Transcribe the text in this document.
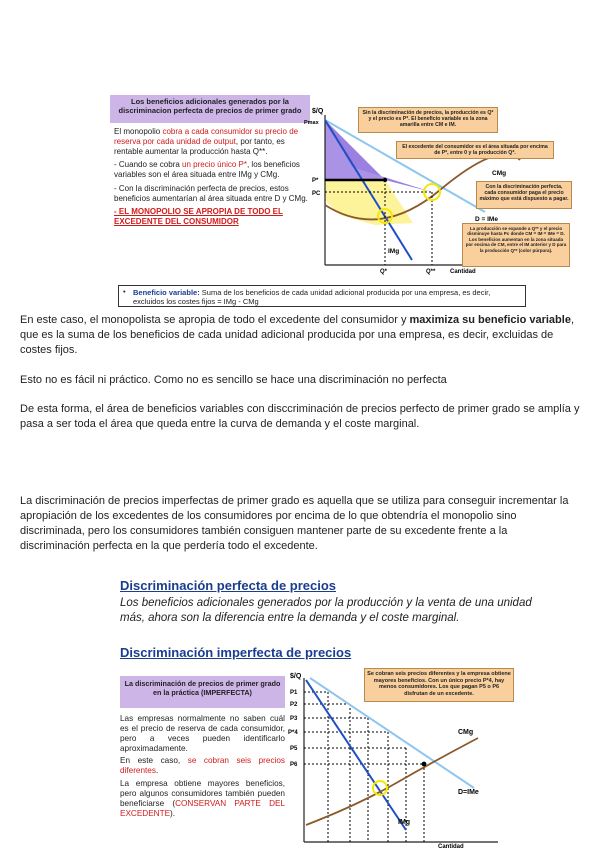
Los beneficios adicionales generados por la discriminacion perfecta de precios de primer grado
El monopolio cobra a cada consumidor su precio de reserva por cada unidad de output, por tanto, es rentable aumentar la producción hasta Q**.
- Cuando se cobra un precio único P*, los beneficios variables son el área situada entre IMg y CMg.
- Con la discriminación perfecta de precios, estos beneficios aumentarían al área situada entre D y CMg.
- EL MONOPOLIO SE APROPIA DE TODO EL EXCEDENTE DEL CONSUMIDOR
$/Q
Pmax
P*
PC
Q*	Q** Cantidad
CMg
IMg
D = IMe
Sin la discriminación de precios, la producción es Q* y el precio es P*. El beneficio variable es la zona amarilla entre CM e IM.
El excedente del consumidor es el área situada por encima de P*, entre 0 y la producción Q*.
Con la discriminación perfecta, cada consumidor paga el precio máximo que está dispuesto a pagar.
La producción se expande a Q** y el precio disminuye hasta Pc donde CM = IM = IMe = D. Los beneficios aumentan en la zona situada por encima de CM, entre el IM anterior y D para la producción Q** (color púrpura).
• Beneficio variable: Suma de los beneficios de cada unidad adicional producida por una empresa, es decir, excluidos los costes fijos = IMg - CMg
En este caso, el monopolista se apropia de todo el excedente del consumidor y maximiza su beneficio variable, que es la suma de los beneficios de cada unidad adicional producida por una empresa, es decir, excluidas de costes fijos.
Esto no es fácil ni práctico. Como no es sencillo se hace una discriminación no perfecta
De esta forma, el área de beneficios variables con disccriminación de precios perfecto de primer grado se amplía y pasa a ser toda el área que queda entre la curva de demanda y el coste marginal.
La discriminación de precios imperfectas de primer grado es aquella que se utiliza para conseguir incrementar la apropiación de los excedentes de los consumidores por encima de lo que obtendría el monopolio sino discriminada, pero los consumidores también consiguen mantener parte de su excedente frente a la discriminación perfecta en la que perdería todo el excedente.
Discriminación perfecta de precios
Los beneficios adicionales generados por la producción y la venta de una unidad más, ahora son la diferencia entre la demanda y el coste marginal.
Discriminación imperfecta de precios
La discriminación de precios de primer grado en la práctica (IMPERFECTA)
Las empresas normalmente no saben cuál es el precio de reserva de cada consumidor, pero a veces pueden identificarlo aproximadamente.
En este caso, se cobran seis precios diferentes.
La empresa obtiene mayores beneficios, pero algunos consumidores también pueden beneficiarse (CONSERVAN PARTE DEL EXCEDENTE).
$/Q
P1
P2
P3
P*4
P5
P6
CMg
D=IMe
IMg
Cantidad
Se cobran seis precios diferentes y la empresa obtiene mayores beneficios. Con un único precio P*4, hay menos consumidores. Los que pagan P5 o P6 disfrutan de un excedente.
